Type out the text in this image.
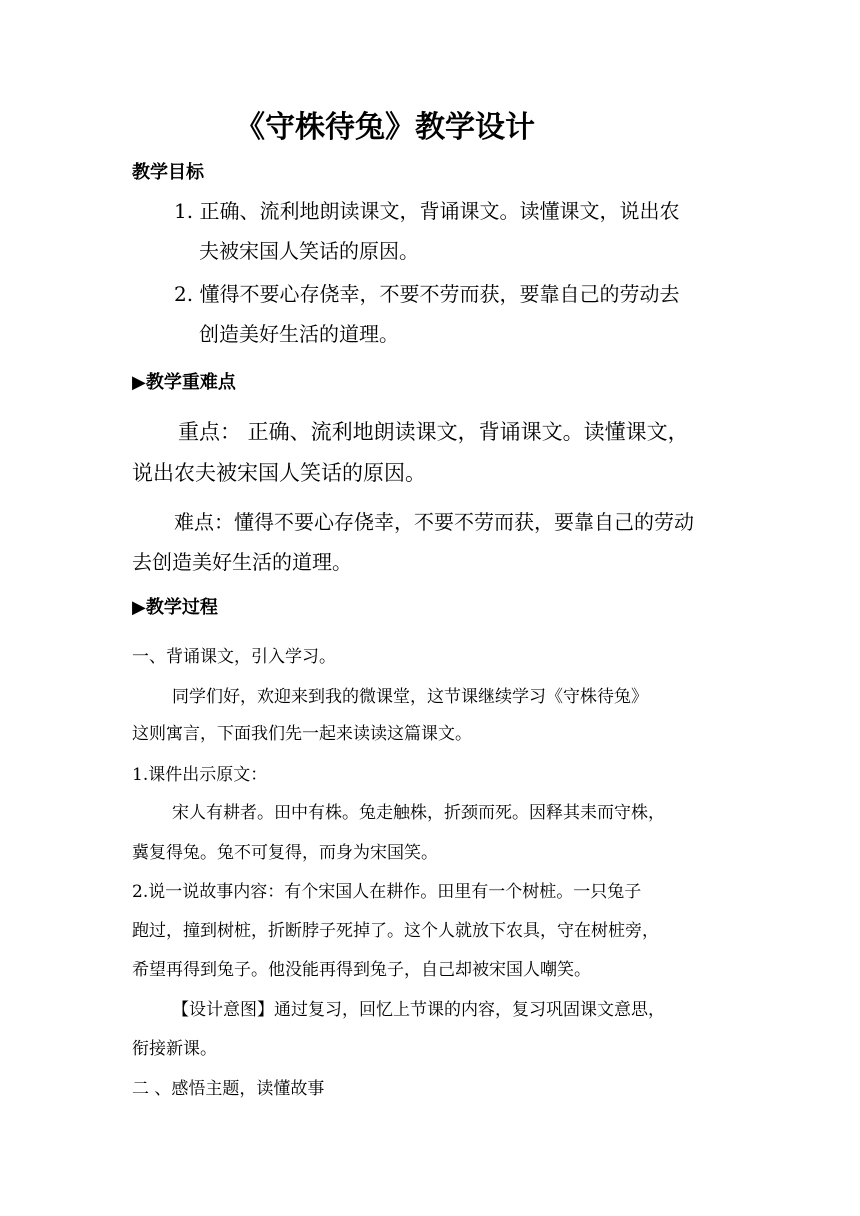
《守株待兔》教学设计
教学目标
1. 正确、流利地朗读课文，背诵课文。读懂课文，说出农
夫被宋国人笑话的原因。
2. 懂得不要心存侥幸，不要不劳而获，要靠自己的劳动去
创造美好生活的道理。
▶教学重难点
重点： 正确、流利地朗读课文，背诵课文。读懂课文，
说出农夫被宋国人笑话的原因。
难点：懂得不要心存侥幸，不要不劳而获，要靠自己的劳动
去创造美好生活的道理。
▶教学过程
一、背诵课文，引入学习。
同学们好，欢迎来到我的微课堂，这节课继续学习《守株待兔》
这则寓言，下面我们先一起来读读这篇课文。
1.课件出示原文：
宋人有耕者。田中有株。兔走触株，折颈而死。因释其耒而守株，
冀复得兔。兔不可复得，而身为宋国笑。
2.说一说故事内容：有个宋国人在耕作。田里有一个树桩。一只兔子
跑过，撞到树桩，折断脖子死掉了。这个人就放下农具，守在树桩旁，
希望再得到兔子。他没能再得到兔子，自己却被宋国人嘲笑。
【设计意图】通过复习，回忆上节课的内容，复习巩固课文意思，
衔接新课。
二 、感悟主题，读懂故事
